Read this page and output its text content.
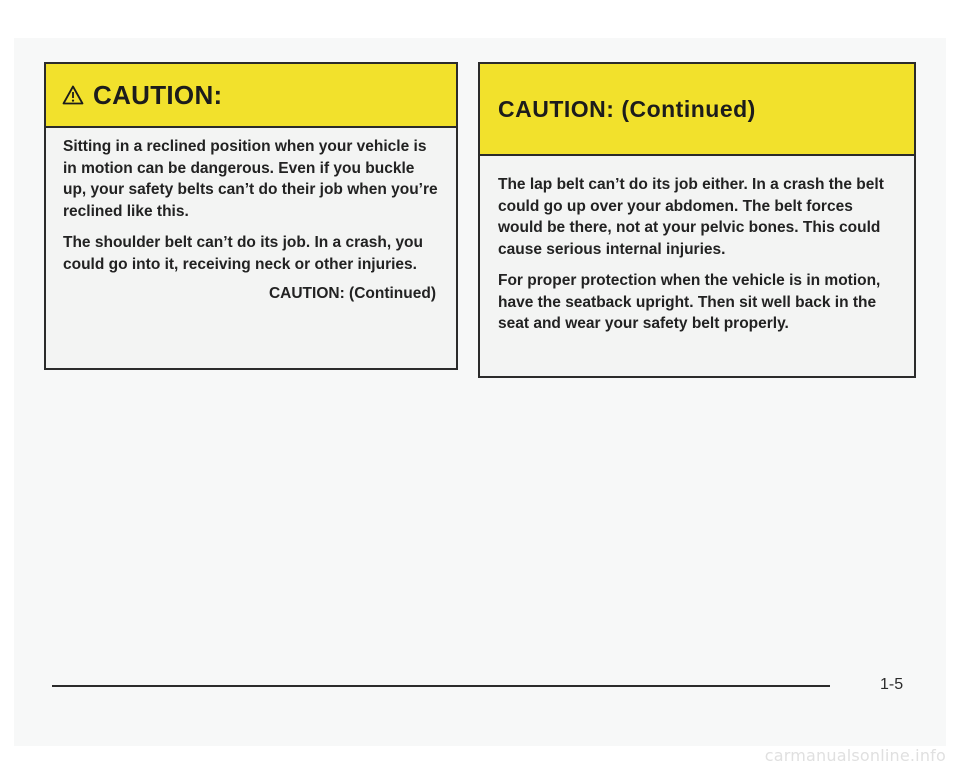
CAUTION:

Sitting in a reclined position when your vehicle is in motion can be dangerous. Even if you buckle up, your safety belts can’t do their job when you’re reclined like this.

The shoulder belt can’t do its job. In a crash, you could go into it, receiving neck or other injuries.

CAUTION: (Continued)
CAUTION: (Continued)

The lap belt can’t do its job either. In a crash the belt could go up over your abdomen. The belt forces would be there, not at your pelvic bones. This could cause serious internal injuries.

For proper protection when the vehicle is in motion, have the seatback upright. Then sit well back in the seat and wear your safety belt properly.

1-5
carmanualsonline.info
